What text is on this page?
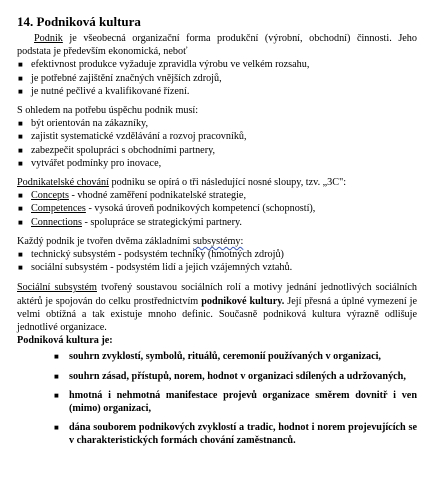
14. Podniková kultura

Podnik je všeobecná organizační forma produkční (výrobní, obchodní) činnosti. Jeho podstata je především ekonomická, neboť

■ efektivnost produkce vyžaduje zpravidla výrobu ve velkém rozsahu,
■ je potřebné zajištění značných vnějších zdrojů,
■ je nutné pečlivé a kvalifikované řízení.

S ohledem na potřebu úspěchu podnik musí:

■ být orientován na zákazníky,
■ zajistit systematické vzdělávání a rozvoj pracovníků,
■ zabezpečit spolupráci s obchodními partnery,
■ vytvářet podmínky pro inovace,

Podnikatelské chování podniku se opírá o tři následující nosné sloupy, tzv. „3C":

■ Concepts - vhodné zaměření podnikatelské strategie,
■ Competences - vysoká úroveň podnikových kompetencí (schopností),
■ Connections - spolupráce se strategickými partnery.

Každý podnik je tvořen dvěma základními subsystémy:

■ technický subsystém - podsystém techniky (hmotných zdrojů)
■ sociální subsystém - podsystém lidí a jejich vzájemných vztahů.

Sociální subsystém tvořený soustavou sociálních rolí a motivy jednání jednotlivých sociálních aktérů je spojován do celku prostřednictvím podnikové kultury. Její přesná a úplné vymezení je velmi obtížná a tak existuje mnoho definic. Současně podniková kultura výrazně odlišuje jednotlivé organizace.

Podniková kultura je:

■ souhrn zvyklostí, symbolů, rituálů, ceremonií používaných v organizaci,
■ souhrn zásad, přístupů, norem, hodnot v organizaci sdílených a udržovaných,
■ hmotná i nehmotná manifestace projevů organizace směrem dovnitř i ven (mimo) organizaci,
■ dána souborem podnikových zvyklostí a tradic, hodnot i norem projevujících se v charakteristických formách chování zaměstnanců.
